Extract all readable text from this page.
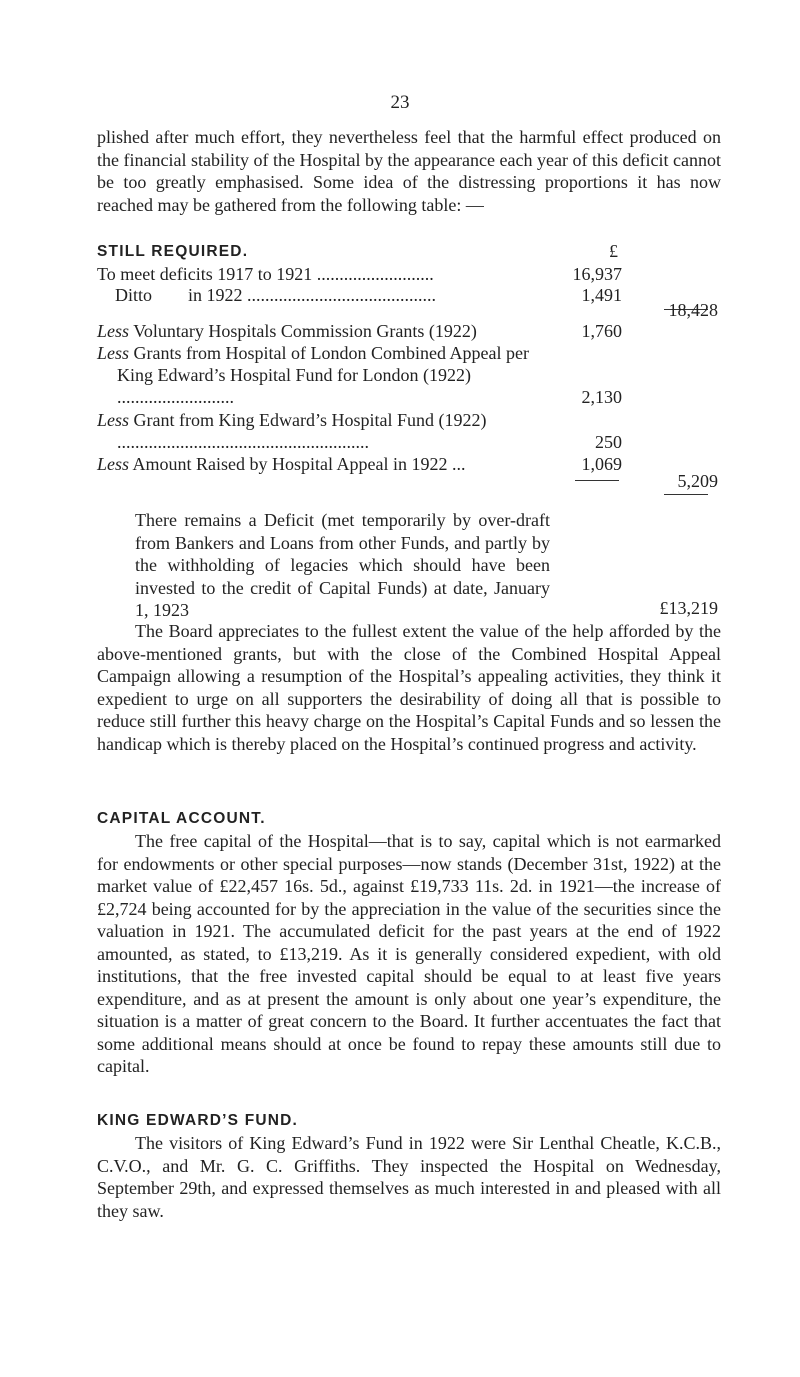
23
plished after much effort, they nevertheless feel that the harmful effect produced on the financial stability of the Hospital by the appearance each year of this deficit cannot be too greatly emphasised. Some idea of the distressing proportions it has now reached may be gathered from the following table: —
STILL REQUIRED.	£
To meet deficits 1917 to 1921 ..........................	16,937
Ditto        in 1922 ..........................................	1,491
18,428
Less Voluntary Hospitals Commission Grants (1922)	1,760
Less Grants from Hospital of London Combined Appeal per King Edward’s Hospital Fund for London (1922) ..........................	2,130
Less Grant from King Edward’s Hospital Fund (1922) ........................................................	250
Less Amount Raised by Hospital Appeal in 1922 ...	1,069
5,209
There remains a Deficit (met temporarily by over-draft from Bankers and Loans from other Funds, and partly by the withholding of legacies which should have been invested to the credit of Capital Funds) at date, January 1, 1923	£13,219
The Board appreciates to the fullest extent the value of the help afforded by the above-mentioned grants, but with the close of the Combined Hospital Appeal Campaign allowing a resumption of the Hospital’s appealing activities, they think it expedient to urge on all supporters the desirability of doing all that is possible to reduce still further this heavy charge on the Hospital’s Capital Funds and so lessen the handicap which is thereby placed on the Hospital’s continued progress and activity.
CAPITAL ACCOUNT.
The free capital of the Hospital—that is to say, capital which is not earmarked for endowments or other special purposes—now stands (December 31st, 1922) at the market value of £22,457 16s. 5d., against £19,733 11s. 2d. in 1921—the increase of £2,724 being accounted for by the appreciation in the value of the securities since the valuation in 1921. The accumulated deficit for the past years at the end of 1922 amounted, as stated, to £13,219. As it is generally considered expedient, with old institutions, that the free invested capital should be equal to at least five years expenditure, and as at present the amount is only about one year’s expenditure, the situation is a matter of great concern to the Board. It further accentuates the fact that some additional means should at once be found to repay these amounts still due to capital.
KING EDWARD’S FUND.
The visitors of King Edward’s Fund in 1922 were Sir Lenthal Cheatle, K.C.B., C.V.O., and Mr. G. C. Griffiths. They inspected the Hospital on Wednesday, September 29th, and expressed themselves as much interested in and pleased with all they saw.
